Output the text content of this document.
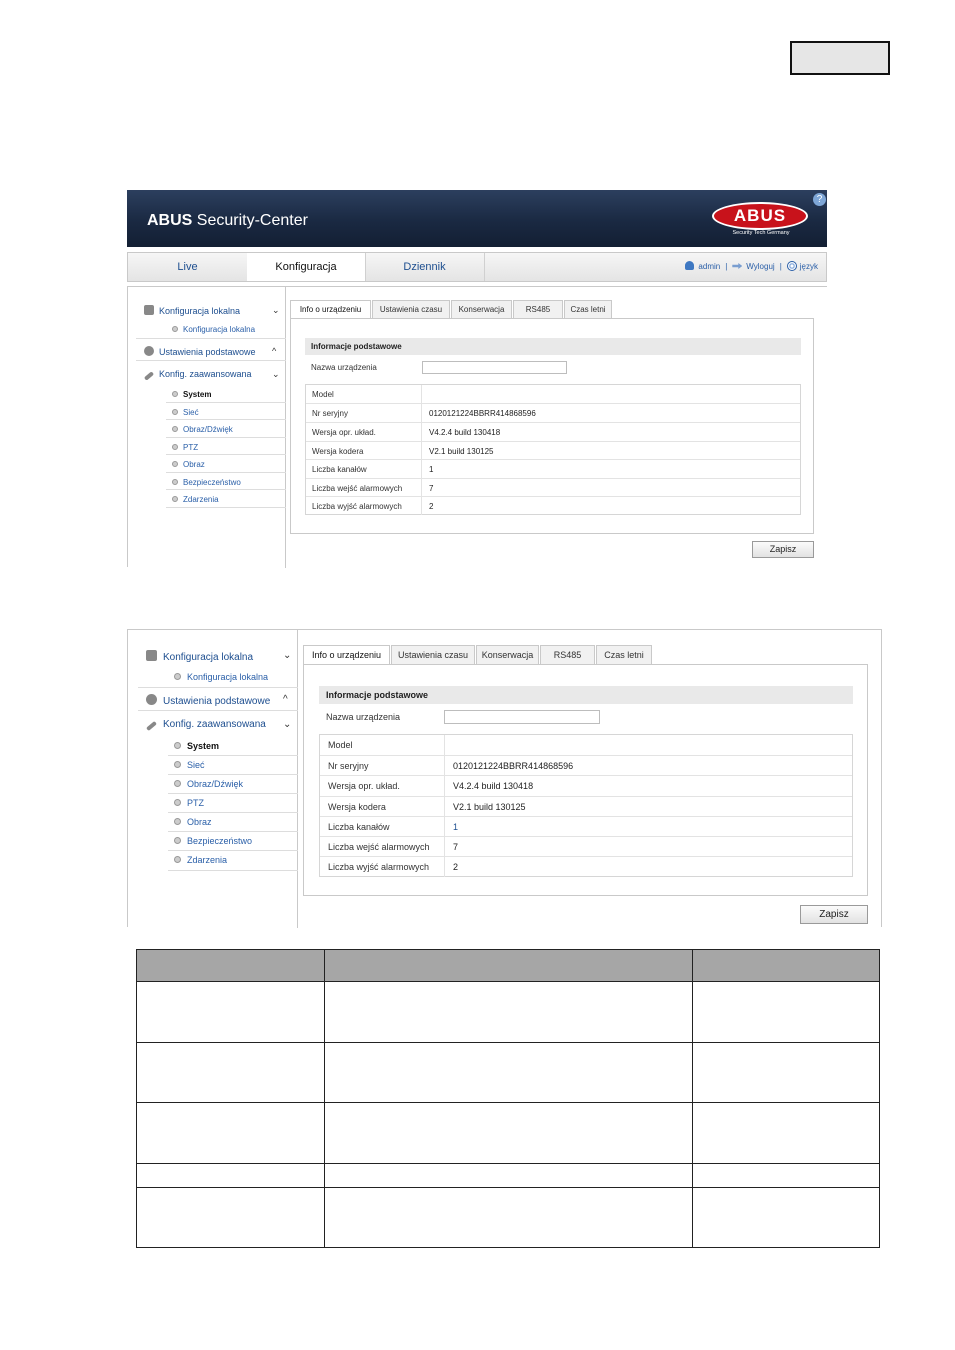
ABUS Security-Center	ABUS
Security Tech Germany
?
Live	Konfiguracja	Dziennik	admin | Wyloguj | język
Konfiguracja lokalna	⌄
Konfiguracja lokalna
Ustawienia podstawowe ^
Konfig. zaawansowana ⌄
System
Sieć
Obraz/Dźwięk
PTZ
Obraz
Bezpieczeństwo
Zdarzenia
Info o urządzeniu	Ustawienia czasu	Konserwacja	RS485	Czas letni
Informacje podstawowe
Nazwa urządzenia
Model
Nr seryjny	0120121224BBRR414868596
Wersja opr. układ.	V4.2.4 build 130418
Wersja kodera	V2.1 build 130125
Liczba kanałów	1
Liczba wejść alarmowych	7
Liczba wyjść alarmowych	2
Zapisz
Konfiguracja lokalna	⌄
Konfiguracja lokalna
Ustawienia podstawowe ^
Konfig. zaawansowana ⌄
System
Sieć
Obraz/Dźwięk
PTZ
Obraz
Bezpieczeństwo
Zdarzenia
Info o urządzeniu	Ustawienia czasu	Konserwacja	RS485	Czas letni
Informacje podstawowe
Nazwa urządzenia
Model
Nr seryjny	0120121224BBRR414868596
Wersja opr. układ.	V4.2.4 build 130418
Wersja kodera	V2.1 build 130125
Liczba kanałów	1
Liczba wejść alarmowych	7
Liczba wyjść alarmowych	2
Zapisz
